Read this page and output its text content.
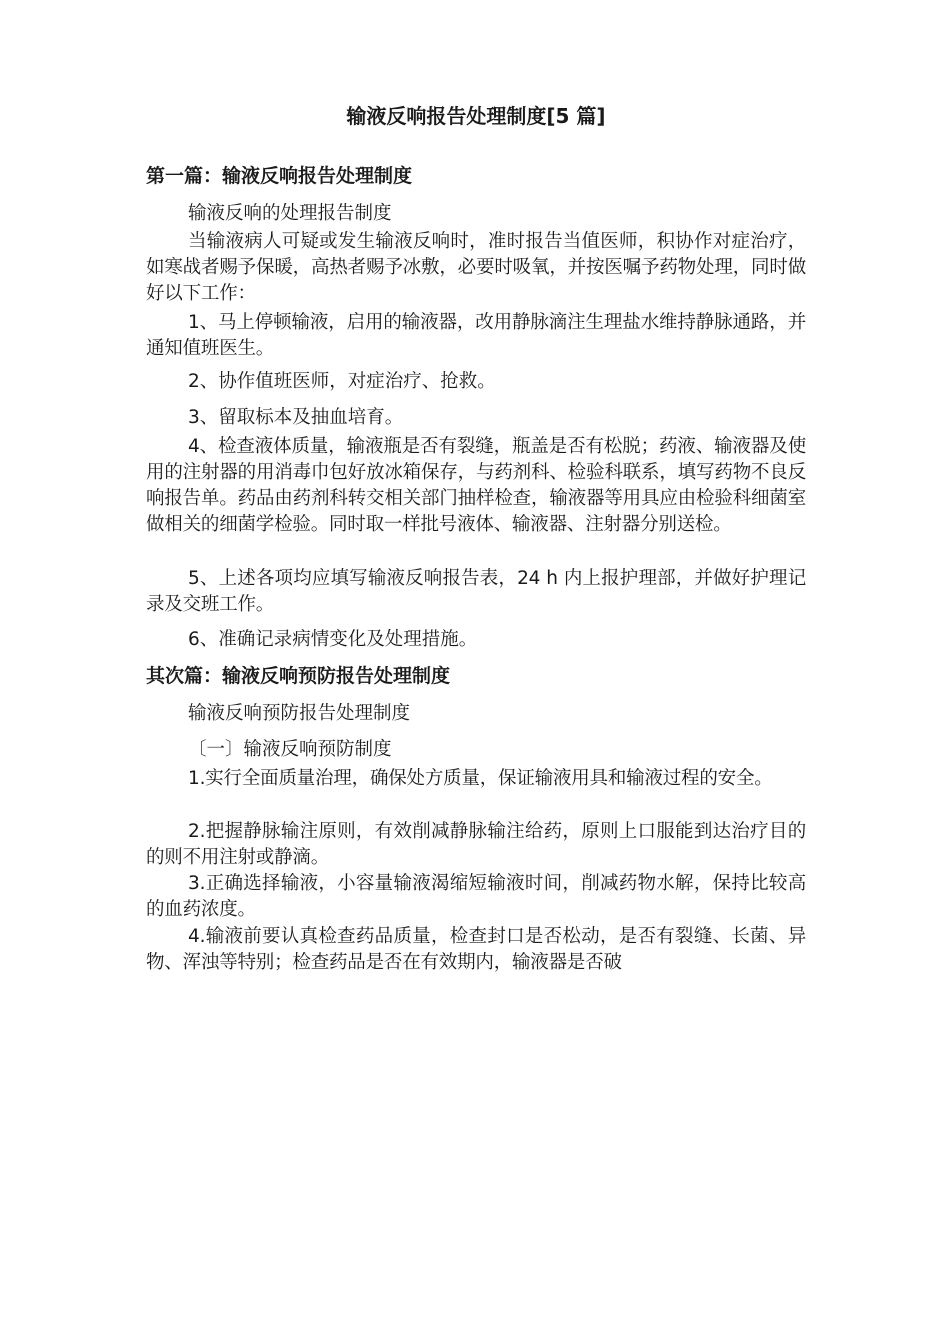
输液反响报告处理制度[5 篇]
第一篇：输液反响报告处理制度

输液反响的处理报告制度

当输液病人可疑或发生输液反响时，准时报告当值医师，积协作对症治疗，如寒战者赐予保暖，高热者赐予冰敷，必要时吸氧，并按医嘱予药物处理，同时做好以下工作：

1、马上停顿输液，启用的输液器，改用静脉滴注生理盐水维持静脉通路，并通知值班医生。

2、协作值班医师，对症治疗、抢救。

3、留取标本及抽血培育。

4、检查液体质量，输液瓶是否有裂缝，瓶盖是否有松脱；药液、输液器及使用的注射器的用消毒巾包好放冰箱保存，与药剂科、检验科联系，填写药物不良反响报告单。药品由药剂科转交相关部门抽样检查，输液器等用具应由检验科细菌室做相关的细菌学检验。同时取一样批号液体、输液器、注射器分别送检。

5、上述各项均应填写输液反响报告表，24 h 内上报护理部，并做好护理记录及交班工作。

6、准确记录病情变化及处理措施。

其次篇：输液反响预防报告处理制度

输液反响预防报告处理制度

〔一〕输液反响预防制度

1.实行全面质量治理，确保处方质量，保证输液用具和输液过程的安全。

2.把握静脉输注原则，有效削减静脉输注给药，原则上口服能到达治疗目的的则不用注射或静滴。

3.正确选择输液，小容量输液渴缩短输液时间，削减药物水解，保持比较高的血药浓度。

4.输液前要认真检查药品质量，检查封口是否松动，是否有裂缝、长菌、异物、浑浊等特别；检查药品是否在有效期内，输液器是否破
